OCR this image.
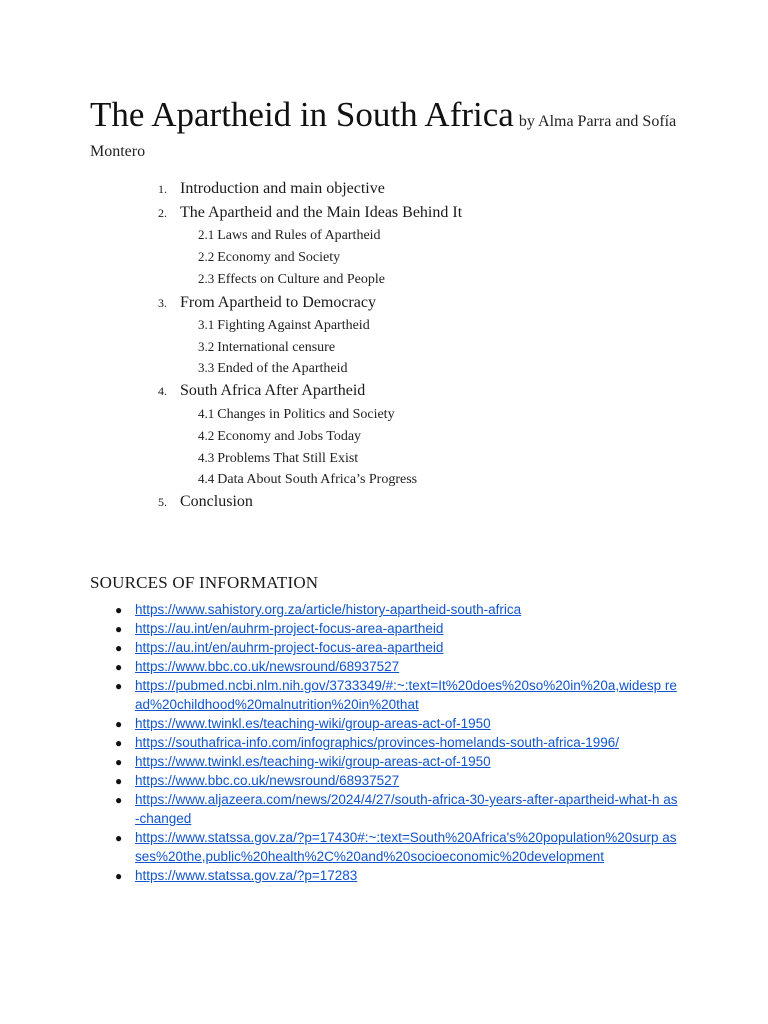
The Apartheid in South Africa by Alma Parra and Sofía
Montero
1. Introduction and main objective
2. The Apartheid and the Main Ideas Behind It
2.1 Laws and Rules of Apartheid
2.2 Economy and Society
2.3 Effects on Culture and People
3. From Apartheid to Democracy
3.1 Fighting Against Apartheid
3.2 International censure
3.3 Ended of the Apartheid
4. South Africa After Apartheid
4.1 Changes in Politics and Society
4.2 Economy and Jobs Today
4.3 Problems That Still Exist
4.4 Data About South Africa’s Progress
5. Conclusion
SOURCES OF INFORMATION
● https://www.sahistory.org.za/article/history-apartheid-south-africa
● https://au.int/en/auhrm-project-focus-area-apartheid
● https://au.int/en/auhrm-project-focus-area-apartheid
● https://www.bbc.co.uk/newsround/68937527
● https://pubmed.ncbi.nlm.nih.gov/3733349/#:~:text=It%20does%20so%20in%20a,widesp read%20childhood%20malnutrition%20in%20that
● https://www.twinkl.es/teaching-wiki/group-areas-act-of-1950
● https://southafrica-info.com/infographics/provinces-homelands-south-africa-1996/
● https://www.twinkl.es/teaching-wiki/group-areas-act-of-1950
● https://www.bbc.co.uk/newsround/68937527
● https://www.aljazeera.com/news/2024/4/27/south-africa-30-years-after-apartheid-what-h as-changed
● https://www.statssa.gov.za/?p=17430#:~:text=South%20Africa's%20population%20surp asses%20the,public%20health%2C%20and%20socioeconomic%20development
● https://www.statssa.gov.za/?p=17283
